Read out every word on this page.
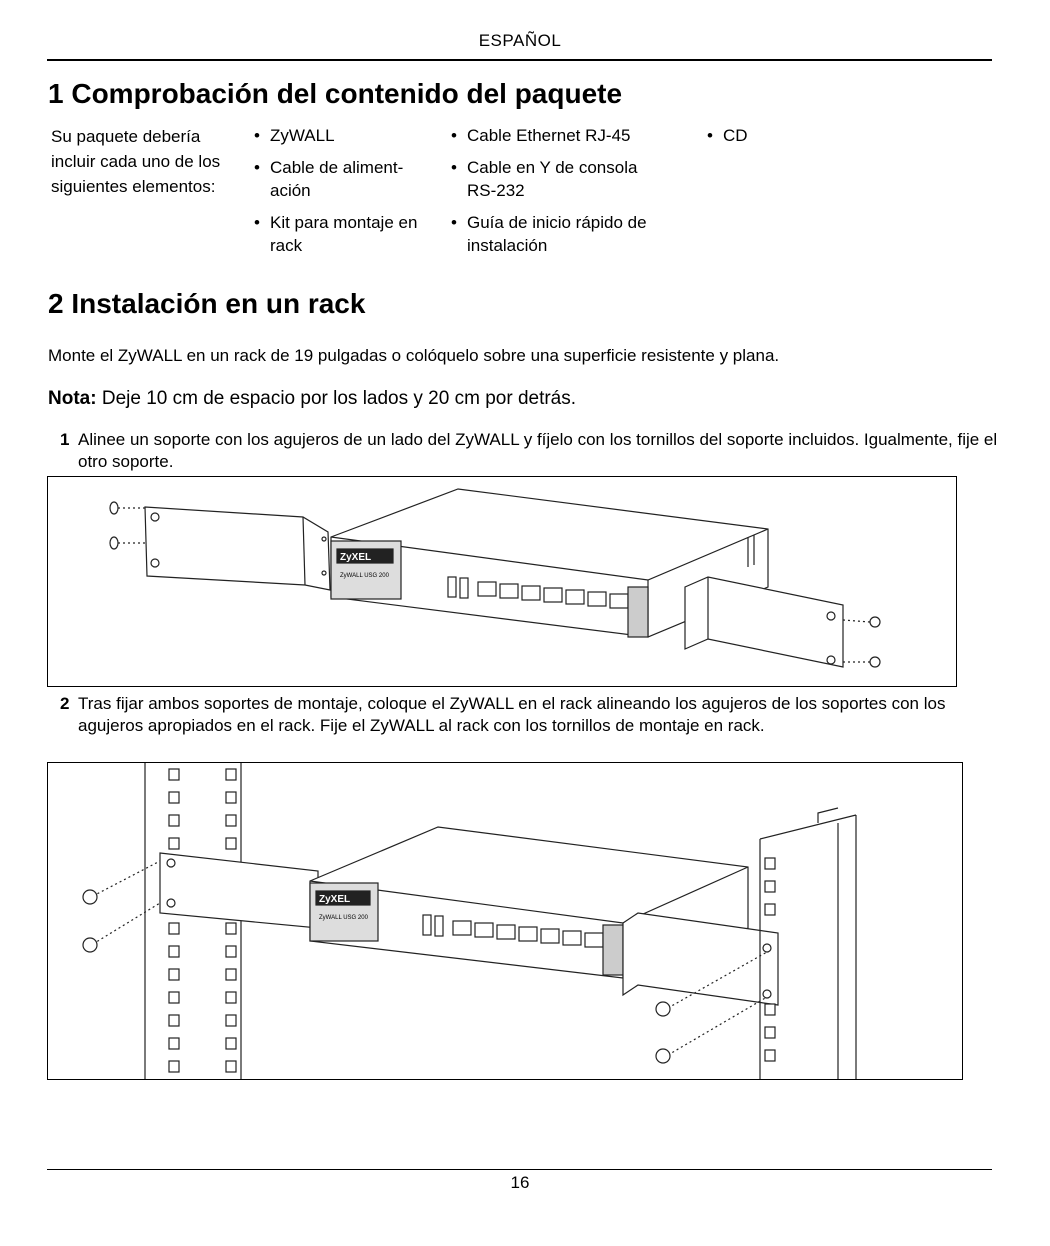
ESPAÑOL
1 Comprobación del contenido del paquete
Su paquete debería incluir cada uno de los siguientes elementos:
• ZyWALL
• Cable de aliment-ación
• Kit para montaje en rack
• Cable Ethernet RJ-45
• Cable en Y de consola RS-232
• Guía de inicio rápido de instalación
• CD
2 Instalación en un rack
Monte el ZyWALL en un rack de 19 pulgadas o colóquelo sobre una superficie resistente y plana.
Nota: Deje 10 cm de espacio por los lados y 20 cm por detrás.
1 Alinee un soporte con los agujeros de un lado del ZyWALL y fíjelo con los tornillos del soporte incluidos. Igualmente, fije el otro soporte.
ZyXEL
ZyWALL USG 200
2 Tras fijar ambos soportes de montaje, coloque el ZyWALL en el rack alineando los agujeros de los soportes con los agujeros apropiados en el rack. Fije el ZyWALL al rack con los tornillos de montaje en rack.
ZyXEL
ZyWALL USG 200
16
